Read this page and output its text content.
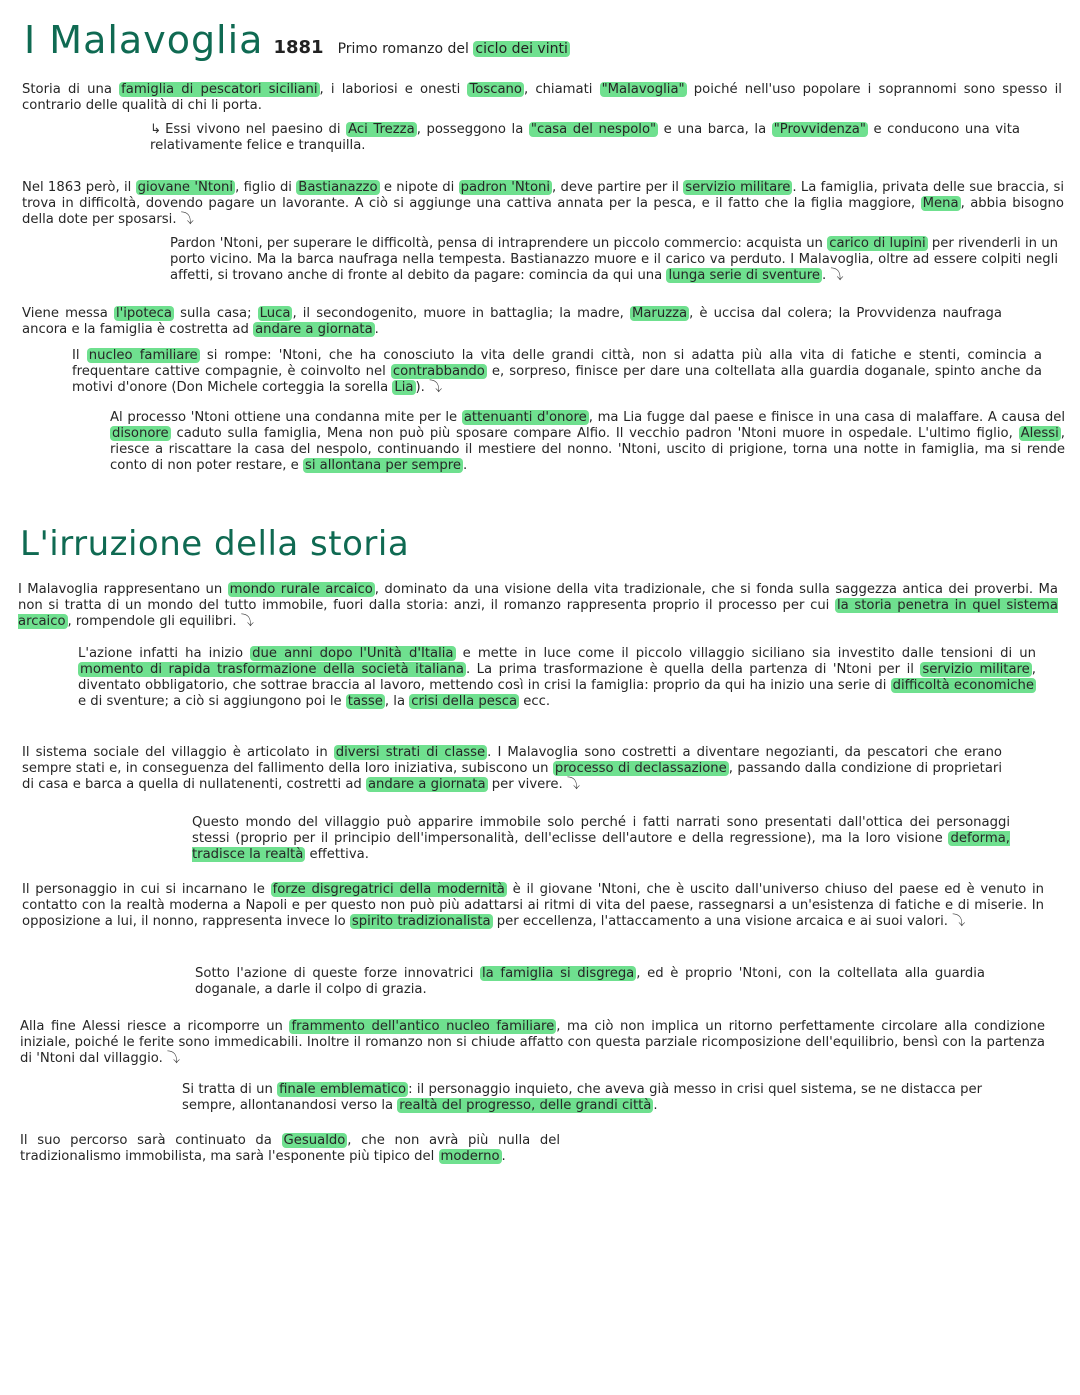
I Malavoglia 1881 Primo romanzo del ciclo dei vinti

Storia di una famiglia di pescatori siciliani , i laboriosi e onesti Toscano , chiamati "Malavoglia" poiché nell'uso popolare i soprannomi sono spesso il contrario delle qualità di chi li porta.

↳ Essi vivono nel paesino di Aci Trezza , posseggono la "casa del nespolo" e una barca, la "Provvidenza" e conducono una vita relativamente felice e tranquilla.

Nel 1863 però, il giovane 'Ntoni , figlio di Bastianazzo e nipote di padron 'Ntoni , deve partire per il servizio militare . La famiglia, privata delle sue braccia, si trova in difficoltà, dovendo pagare un lavorante. A ciò si aggiunge una cattiva annata per la pesca, e il fatto che la figlia maggiore, Mena , abbia bisogno della dote per sposarsi. ⤵

Pardon 'Ntoni, per superare le difficoltà, pensa di intraprendere un piccolo commercio: acquista un carico di lupini per rivenderli in un porto vicino. Ma la barca naufraga nella tempesta. Bastianazzo muore e il carico va perduto. I Malavoglia, oltre ad essere colpiti negli affetti, si trovano anche di fronte al debito da pagare: comincia da qui una lunga serie di sventure . ⤵

Viene messa l'ipoteca sulla casa; Luca , il secondogenito, muore in battaglia; la madre, Maruzza , è uccisa dal colera; la Provvidenza naufraga ancora e la famiglia è costretta ad andare a giornata .

Il nucleo familiare si rompe: 'Ntoni, che ha conosciuto la vita delle grandi città, non si adatta più alla vita di fatiche e stenti, comincia a frequentare cattive compagnie, è coinvolto nel contrabbando e, sorpreso, finisce per dare una coltellata alla guardia doganale, spinto anche da motivi d'onore (Don Michele corteggia la sorella Lia ). ⤵

Al processo 'Ntoni ottiene una condanna mite per le attenuanti d'onore , ma Lia fugge dal paese e finisce in una casa di malaffare. A causa del disonore caduto sulla famiglia, Mena non può più sposare compare Alfio. Il vecchio padron 'Ntoni muore in ospedale. L'ultimo figlio, Alessi , riesce a riscattare la casa del nespolo, continuando il mestiere del nonno. 'Ntoni, uscito di prigione, torna una notte in famiglia, ma si rende conto di non poter restare, e si allontana per sempre .

L'irruzione della storia

I Malavoglia rappresentano un mondo rurale arcaico , dominato da una visione della vita tradizionale, che si fonda sulla saggezza antica dei proverbi. Ma non si tratta di un mondo del tutto immobile, fuori dalla storia: anzi, il romanzo rappresenta proprio il processo per cui la storia penetra in quel sistema arcaico , rompendole gli equilibri. ⤵

L'azione infatti ha inizio due anni dopo l'Unità d'Italia e mette in luce come il piccolo villaggio siciliano sia investito dalle tensioni di un momento di rapida trasformazione della società italiana . La prima trasformazione è quella della partenza di 'Ntoni per il servizio militare , diventato obbligatorio, che sottrae braccia al lavoro, mettendo così in crisi la famiglia: proprio da qui ha inizio una serie di difficoltà economiche e di sventure; a ciò si aggiungono poi le tasse , la crisi della pesca ecc.

Il sistema sociale del villaggio è articolato in diversi strati di classe . I Malavoglia sono costretti a diventare negozianti, da pescatori che erano sempre stati e, in conseguenza del fallimento della loro iniziativa, subiscono un processo di declassazione , passando dalla condizione di proprietari di casa e barca a quella di nullatenenti, costretti ad andare a giornata per vivere. ⤵

Questo mondo del villaggio può apparire immobile solo perché i fatti narrati sono presentati dall'ottica dei personaggi stessi (proprio per il principio dell'impersonalità, dell'eclisse dell'autore e della regressione), ma la loro visione deforma, tradisce la realtà effettiva.

Il personaggio in cui si incarnano le forze disgregatrici della modernità è il giovane 'Ntoni, che è uscito dall'universo chiuso del paese ed è venuto in contatto con la realtà moderna a Napoli e per questo non può più adattarsi ai ritmi di vita del paese, rassegnarsi a un'esistenza di fatiche e di miserie. In opposizione a lui, il nonno, rappresenta invece lo spirito tradizionalista per eccellenza, l'attaccamento a una visione arcaica e ai suoi valori. ⤵

Sotto l'azione di queste forze innovatrici la famiglia si disgrega , ed è proprio 'Ntoni, con la coltellata alla guardia doganale, a darle il colpo di grazia.

Alla fine Alessi riesce a ricomporre un frammento dell'antico nucleo familiare , ma ciò non implica un ritorno perfettamente circolare alla condizione iniziale, poiché le ferite sono immedicabili. Inoltre il romanzo non si chiude affatto con questa parziale ricomposizione dell'equilibrio, bensì con la partenza di 'Ntoni dal villaggio. ⤵

Si tratta di un finale emblematico : il personaggio inquieto, che aveva già messo in crisi quel sistema, se ne distacca per sempre, allontanandosi verso la realtà del progresso, delle grandi città .

Il suo percorso sarà continuato da Gesualdo , che non avrà più nulla del tradizionalismo immobilista, ma sarà l'esponente più tipico del moderno .
